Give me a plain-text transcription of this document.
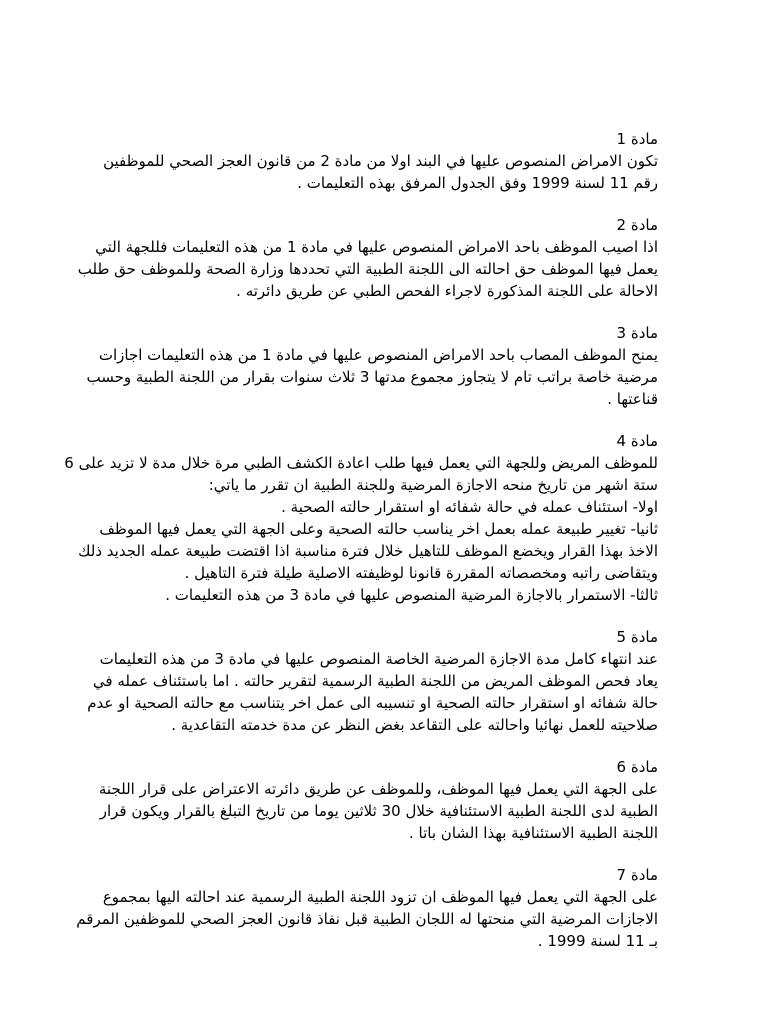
مادة 1
تكون الامراض المنصوص عليها في البند اولا من مادة 2 من قانون العجز الصحي للموظفين
رقم 11 لسنة 1999 وفق الجدول المرفق بهذه التعليمات .
مادة 2
اذا اصيب الموظف باحد الامراض المنصوص عليها في مادة 1 من هذه التعليمات فللجهة التي
يعمل فيها الموظف حق احالته الى اللجنة الطبية التي تحددها وزارة الصحة وللموظف حق طلب
الاحالة على اللجنة المذكورة لاجراء الفحص الطبي عن طريق دائرته .
مادة 3
يمنح الموظف المصاب باحد الامراض المنصوص عليها في مادة 1 من هذه التعليمات اجازات
مرضية خاصة براتب تام لا يتجاوز مجموع مدتها 3 ثلاث سنوات بقرار من اللجنة الطبية وحسب
قناعتها .
مادة 4
للموظف المريض وللجهة التي يعمل فيها طلب اعادة الكشف الطبي مرة خلال مدة لا تزيد على 6
ستة اشهر من تاريخ منحه الاجازة المرضية وللجنة الطبية ان تقرر ما ياتي:
اولا- استئناف عمله في حالة شفائه او استقرار حالته الصحية .
ثانيا- تغيير طبيعة عمله بعمل اخر يناسب حالته الصحية وعلى الجهة التي يعمل فيها الموظف
الاخذ بهذا القرار ويخضع الموظف للتاهيل خلال فترة مناسبة اذا اقتضت طبيعة عمله الجديد ذلك
ويتقاضى راتبه ومخصصاته المقررة قانونا لوظيفته الاصلية طيلة فترة التاهيل .
ثالثا- الاستمرار بالاجازة المرضية المنصوص عليها في مادة 3 من هذه التعليمات .
مادة 5
عند انتهاء كامل مدة الاجازة المرضية الخاصة المنصوص عليها في مادة 3 من هذه التعليمات
يعاد فحص الموظف المريض من اللجنة الطبية الرسمية لتقرير حالته . اما باستئناف عمله في
حالة شفائه او استقرار حالته الصحية او تنسيبه الى عمل اخر يتناسب مع حالته الصحية او عدم
صلاحيته للعمل نهائيا واحالته على التقاعد بغض النظر عن مدة خدمته التقاعدية .
مادة 6
على الجهة التي يعمل فيها الموظف، وللموظف عن طريق دائرته الاعتراض على قرار اللجنة
الطبية لدى اللجنة الطبية الاستئنافية خلال 30 ثلاثين يوما من تاريخ التبلغ بالقرار ويكون قرار
اللجنة الطبية الاستئنافية بهذا الشان باتا .
مادة 7
على الجهة التي يعمل فيها الموظف ان تزود اللجنة الطبية الرسمية عند احالته اليها بمجموع
الاجازات المرضية التي منحتها له اللجان الطبية قبل نفاذ قانون العجز الصحي للموظفين المرقم
بـ 11 لسنة 1999 .
